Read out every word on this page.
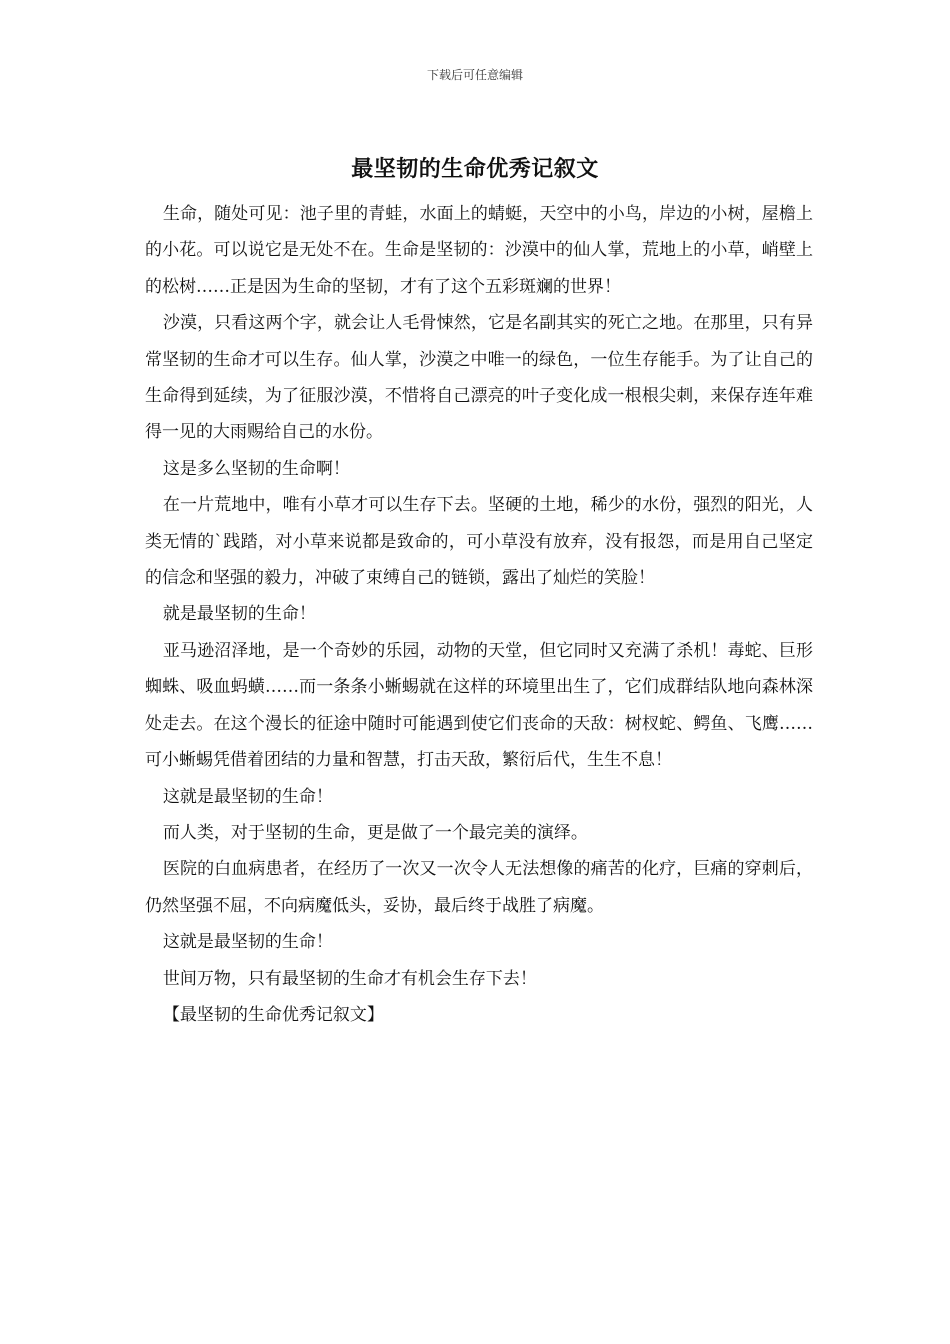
下载后可任意编辑
最坚韧的生命优秀记叙文

生命，随处可见：池子里的青蛙，水面上的蜻蜓，天空中的小鸟，岸边的小树，屋檐上的小花。可以说它是无处不在。生命是坚韧的：沙漠中的仙人掌，荒地上的小草，峭壁上的松树……正是因为生命的坚韧，才有了这个五彩斑斓的世界！

沙漠，只看这两个字，就会让人毛骨悚然，它是名副其实的死亡之地。在那里，只有异常坚韧的生命才可以生存。仙人掌，沙漠之中唯一的绿色，一位生存能手。为了让自己的生命得到延续，为了征服沙漠，不惜将自己漂亮的叶子变化成一根根尖刺，来保存连年难得一见的大雨赐给自己的水份。

这是多么坚韧的生命啊！

在一片荒地中，唯有小草才可以生存下去。坚硬的土地，稀少的水份，强烈的阳光，人类无情的`践踏，对小草来说都是致命的，可小草没有放弃，没有报怨，而是用自己坚定的信念和坚强的毅力，冲破了束缚自己的链锁，露出了灿烂的笑脸！

就是最坚韧的生命！

亚马逊沼泽地，是一个奇妙的乐园，动物的天堂，但它同时又充满了杀机！毒蛇、巨形蜘蛛、吸血蚂蟥……而一条条小蜥蜴就在这样的环境里出生了，它们成群结队地向森林深处走去。在这个漫长的征途中随时可能遇到使它们丧命的天敌：树杈蛇、鳄鱼、飞鹰……可小蜥蜴凭借着团结的力量和智慧，打击天敌，繁衍后代，生生不息！

这就是最坚韧的生命！

而人类，对于坚韧的生命，更是做了一个最完美的演绎。

医院的白血病患者，在经历了一次又一次令人无法想像的痛苦的化疗，巨痛的穿刺后，仍然坚强不屈，不向病魔低头，妥协，最后终于战胜了病魔。

这就是最坚韧的生命！

世间万物，只有最坚韧的生命才有机会生存下去！

【最坚韧的生命优秀记叙文】
